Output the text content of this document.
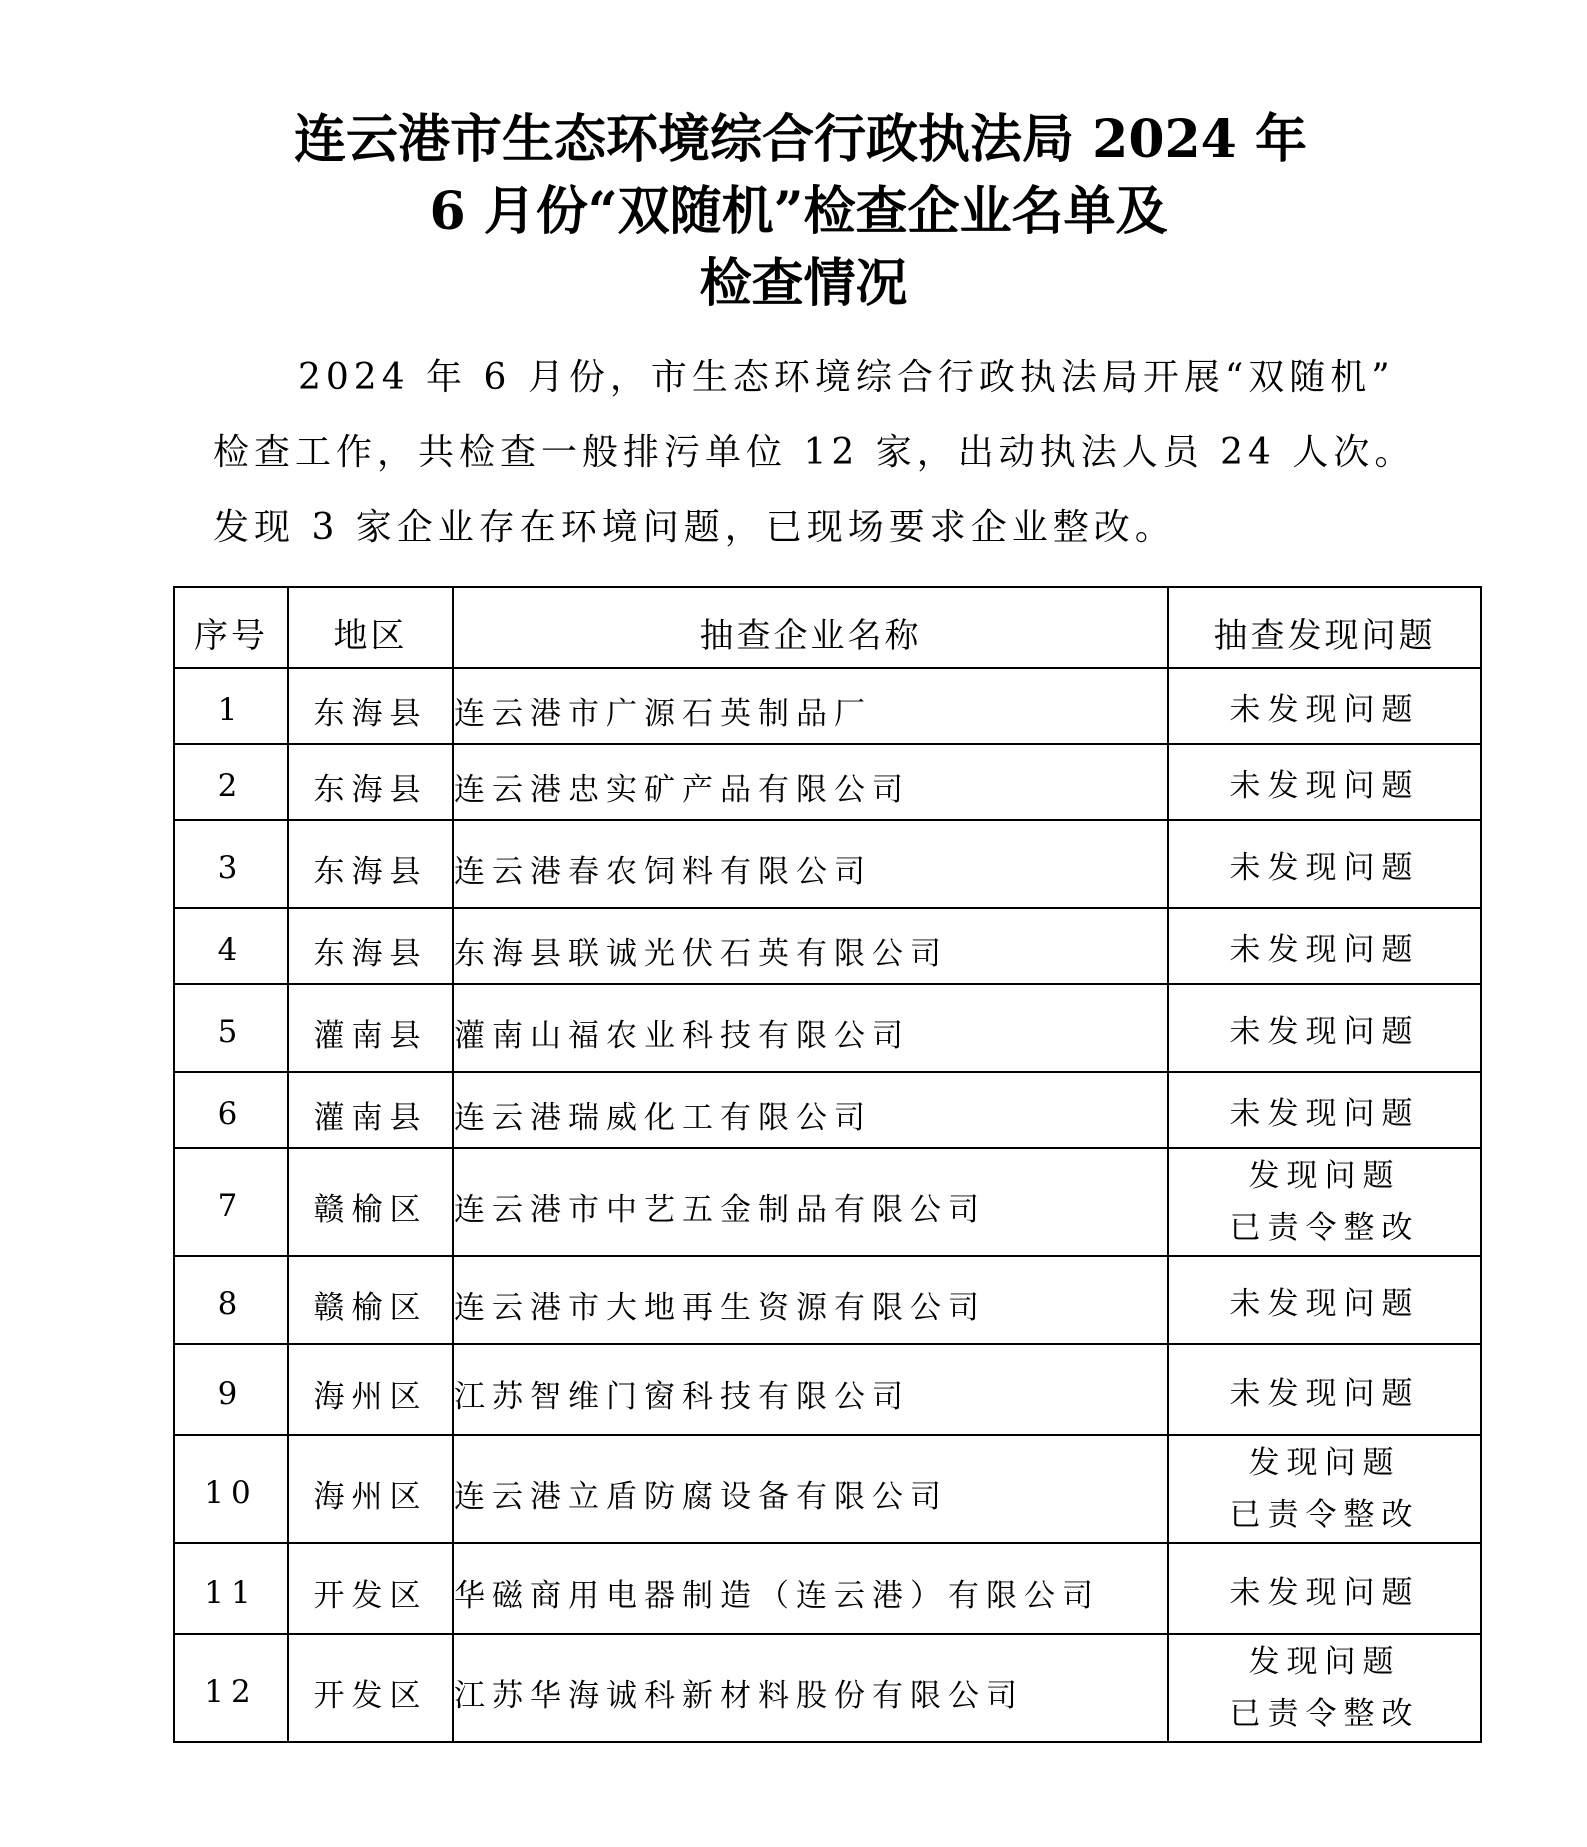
连云港市生态环境综合行政执法局 2024 年
6 月份“双随机”检查企业名单及
检查情况
2024 年 6 月份，市生态环境综合行政执法局开展“双随机”
检查工作，共检查一般排污单位 12 家，出动执法人员 24 人次。
发现 3 家企业存在环境问题，已现场要求企业整改。
序号	地区	抽查企业名称	抽查发现问题
1	东海县	连云港市广源石英制品厂	未发现问题

2	东海县	连云港忠实矿产品有限公司	未发现问题

3	东海县	连云港春农饲料有限公司	未发现问题

4	东海县	东海县联诚光伏石英有限公司	未发现问题

5	灌南县	灌南山福农业科技有限公司	未发现问题

6	灌南县	连云港瑞威化工有限公司	未发现问题

7	赣榆区	连云港市中艺五金制品有限公司	发现问题
已责令整改

8	赣榆区	连云港市大地再生资源有限公司	未发现问题

9	海州区	江苏智维门窗科技有限公司	未发现问题

10	海州区	连云港立盾防腐设备有限公司	发现问题
已责令整改

11	开发区	华磁商用电器制造（连云港）有限公司	未发现问题

12	开发区	江苏华海诚科新材料股份有限公司	发现问题
已责令整改
